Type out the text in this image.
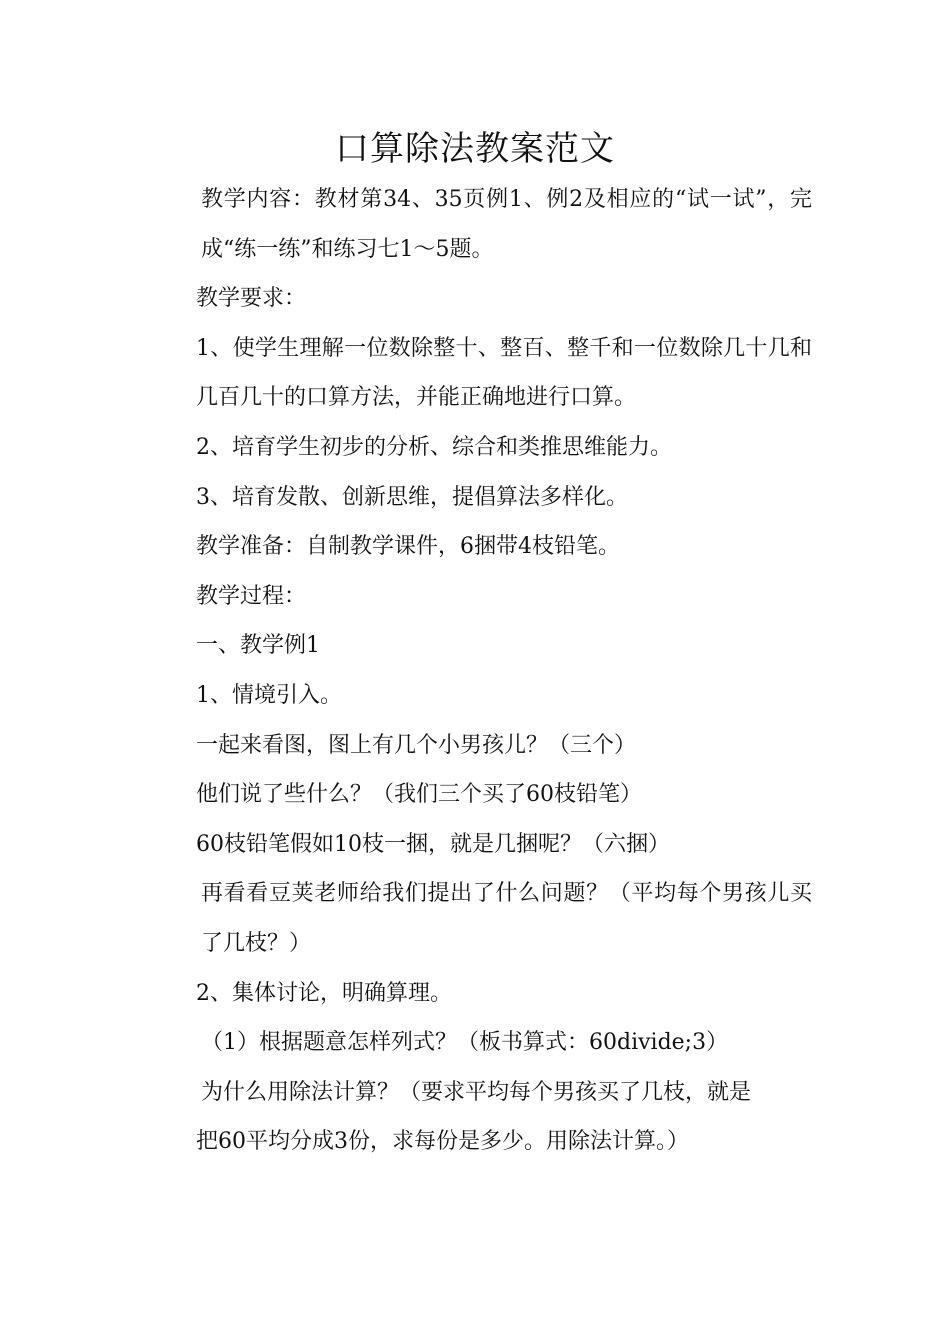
口算除法教案范文

教学内容：教材第34、35页例1、例2及相应的“试一试”，完成“练一练”和练习七1～5题。

教学要求：

1、使学生理解一位数除整十、整百、整千和一位数除几十几和几百几十的口算方法，并能正确地进行口算。

2、培育学生初步的分析、综合和类推思维能力。

3、培育发散、创新思维，提倡算法多样化。

教学准备：自制教学课件，6捆带4枝铅笔。

教学过程：

一、教学例1

1、情境引入。

一起来看图，图上有几个小男孩儿？（三个）

他们说了些什么？（我们三个买了60枝铅笔）

60枝铅笔假如10枝一捆，就是几捆呢？（六捆）

再看看豆荚老师给我们提出了什么问题？（平均每个男孩儿买了几枝？）

2、集体讨论，明确算理。

（1）根据题意怎样列式？（板书算式：60divide;3）

为什么用除法计算？（要求平均每个男孩买了几枝，就是

把60平均分成3份，求每份是多少。用除法计算。）
